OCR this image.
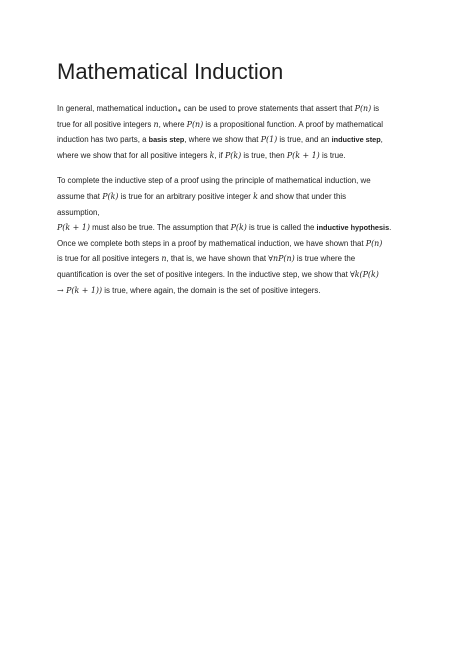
Mathematical Induction
In general, mathematical induction$_∗$ can be used to prove statements that assert that P(n) is
true for all positive integers n, where P(n) is a propositional function. A proof by mathematical
induction has two parts, a basis step, where we show that P(1) is true, and an inductive step,
where we show that for all positive integers k, if P(k) is true, then P(k + 1) is true.
To complete the inductive step of a proof using the principle of mathematical induction, we
assume that P(k) is true for an arbitrary positive integer k and show that under this
assumption,
P(k + 1) must also be true. The assumption that P(k) is true is called the inductive hypothesis.
Once we complete both steps in a proof by mathematical induction, we have shown that P(n)
is true for all positive integers n, that is, we have shown that ∀nP(n) is true where the
quantification is over the set of positive integers. In the inductive step, we show that ∀k(P(k)
→ P(k + 1)) is true, where again, the domain is the set of positive integers.
